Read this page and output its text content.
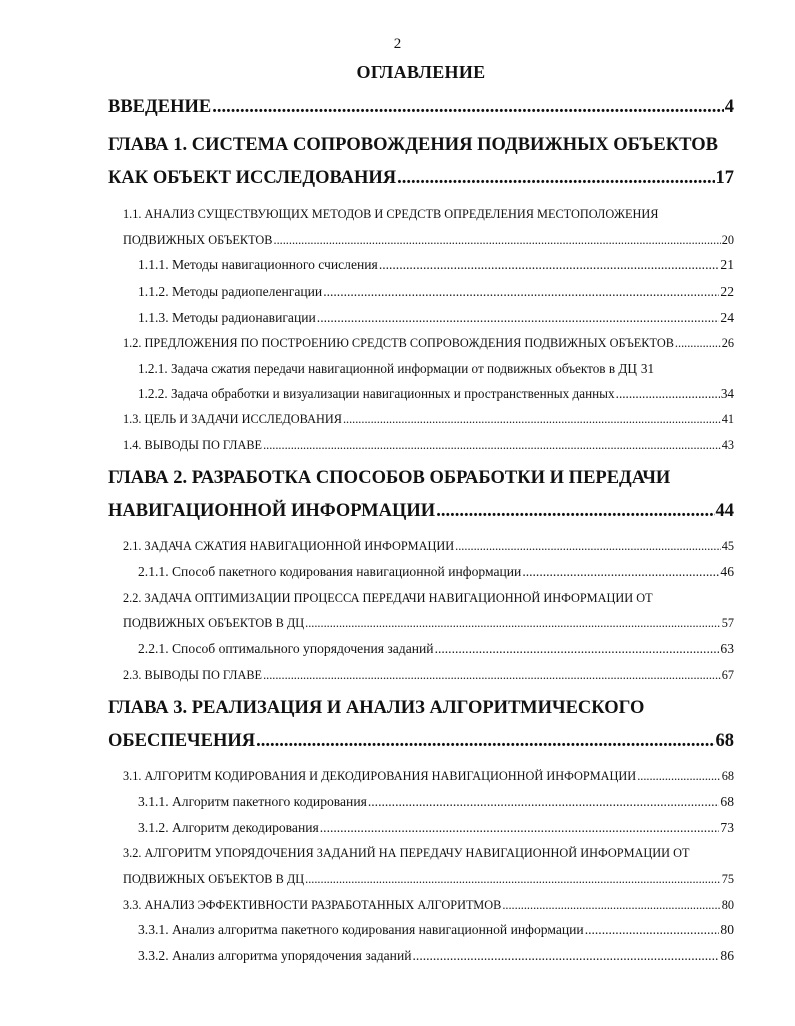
2
ОГЛАВЛЕНИЕ
ВВЕДЕНИЕ .....	4
ГЛАВА 1. СИСТЕМА СОПРОВОЖДЕНИЯ ПОДВИЖНЫХ ОБЪЕКТОВ
КАК ОБЪЕКТ ИССЛЕДОВАНИЯ .....	17
1.1. АНАЛИЗ СУЩЕСТВУЮЩИХ МЕТОДОВ И СРЕДСТВ ОПРЕДЕЛЕНИЯ МЕСТОПОЛОЖЕНИЯ
ПОДВИЖНЫХ ОБЪЕКТОВ .....	20
1.1.1. Методы навигационного счисления .....	21
1.1.2. Методы радиопеленгации .....	22
1.1.3. Методы радионавигации .....	24
1.2. ПРЕДЛОЖЕНИЯ ПО ПОСТРОЕНИЮ СРЕДСТВ СОПРОВОЖДЕНИЯ ПОДВИЖНЫХ ОБЪЕКТОВ .....	26
1.2.1. Задача сжатия передачи навигационной информации от подвижных объектов в ДЦ 31
1.2.2. Задача обработки и визуализации навигационных и пространственных данных .....	34
1.3. ЦЕЛЬ И ЗАДАЧИ ИССЛЕДОВАНИЯ .....	41
1.4. ВЫВОДЫ ПО ГЛАВЕ .....	43
ГЛАВА 2. РАЗРАБОТКА СПОСОБОВ ОБРАБОТКИ И ПЕРЕДАЧИ
НАВИГАЦИОННОЙ ИНФОРМАЦИИ .....	44
2.1. ЗАДАЧА СЖАТИЯ НАВИГАЦИОННОЙ ИНФОРМАЦИИ .....	45
2.1.1. Способ пакетного кодирования навигационной информации .....	46
2.2. ЗАДАЧА ОПТИМИЗАЦИИ ПРОЦЕССА ПЕРЕДАЧИ НАВИГАЦИОННОЙ ИНФОРМАЦИИ ОТ
ПОДВИЖНЫХ ОБЪЕКТОВ В ДЦ .....	57
2.2.1. Способ оптимального упорядочения заданий .....	63
2.3. ВЫВОДЫ ПО ГЛАВЕ .....	67
ГЛАВА 3. РЕАЛИЗАЦИЯ И АНАЛИЗ АЛГОРИТМИЧЕСКОГО
ОБЕСПЕЧЕНИЯ .....	68
3.1. АЛГОРИТМ КОДИРОВАНИЯ И ДЕКОДИРОВАНИЯ НАВИГАЦИОННОЙ ИНФОРМАЦИИ .....	68
3.1.1. Алгоритм пакетного кодирования .....	68
3.1.2. Алгоритм декодирования .....	73
3.2. АЛГОРИТМ УПОРЯДОЧЕНИЯ ЗАДАНИЙ НА ПЕРЕДАЧУ НАВИГАЦИОННОЙ ИНФОРМАЦИИ ОТ
ПОДВИЖНЫХ ОБЪЕКТОВ В ДЦ .....	75
3.3. АНАЛИЗ ЭФФЕКТИВНОСТИ РАЗРАБОТАННЫХ АЛГОРИТМОВ .....	80
3.3.1. Анализ алгоритма пакетного кодирования навигационной информации .....	80
3.3.2. Анализ алгоритма упорядочения заданий .....	86
